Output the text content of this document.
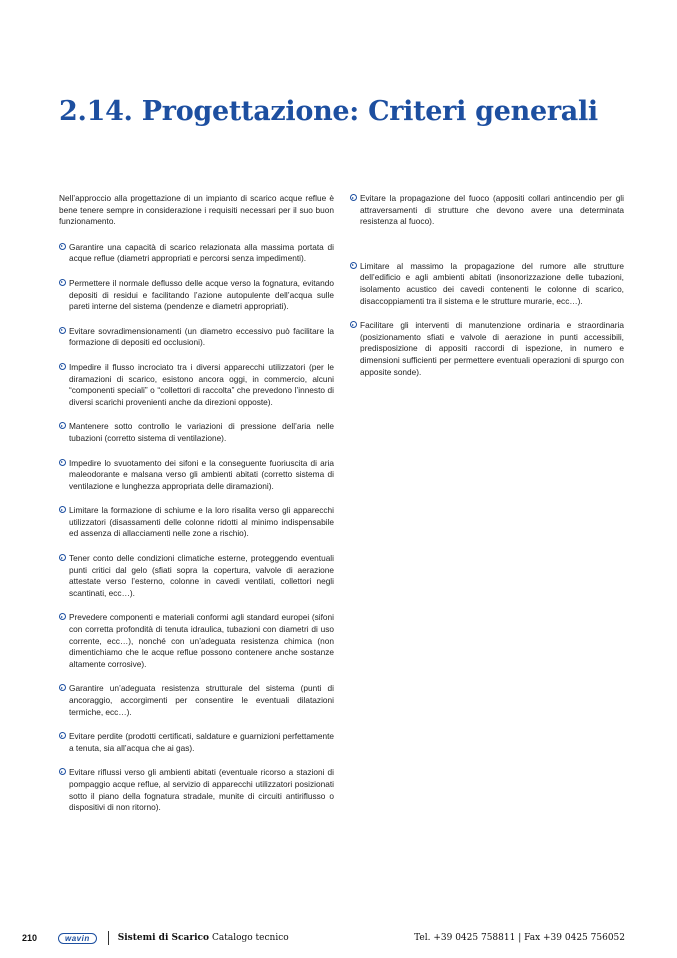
2.14. Progettazione: Criteri generali

Nell’approccio alla progettazione di un impianto di scarico acque reflue è bene tenere sempre in considerazione i requisiti necessari per il suo buon funzionamento.

Garantire una capacità di scarico relazionata alla massima portata di acque reflue (diametri appropriati e percorsi senza impedimenti).

Permettere il normale deflusso delle acque verso la fognatura, evitando depositi di residui e facilitando l’azione autopulente dell’acqua sulle pareti interne del sistema (pendenze e diametri appropriati).

Evitare sovradimensionamenti (un diametro eccessivo può facilitare la formazione di depositi ed occlusioni).

Impedire il flusso incrociato tra i diversi apparecchi utilizzatori (per le diramazioni di scarico, esistono ancora oggi, in commercio, alcuni “componenti speciali” o “collettori di raccolta” che prevedono l’innesto di diversi scarichi provenienti anche da direzioni opposte).

Mantenere sotto controllo le variazioni di pressione dell’aria nelle tubazioni (corretto sistema di ventilazione).

Impedire lo svuotamento dei sifoni e la conseguente fuoriuscita di aria maleodorante e malsana verso gli ambienti abitati (corretto sistema di ventilazione e lunghezza appropriata delle diramazioni).

Limitare la formazione di schiume e la loro risalita verso gli apparecchi utilizzatori (disassamenti delle colonne ridotti al minimo indispensabile ed assenza di allacciamenti nelle zone a rischio).

Tener conto delle condizioni climatiche esterne, proteggendo eventuali punti critici dal gelo (sfiati sopra la copertura, valvole di aerazione attestate verso l’esterno, colonne in cavedi ventilati, collettori negli scantinati, ecc…).

Prevedere componenti e materiali conformi agli standard europei (sifoni con corretta profondità di tenuta idraulica, tubazioni con diametri di uso corrente, ecc…), nonché con un’adeguata resistenza chimica (non dimentichiamo che le acque reflue possono contenere anche sostanze altamente corrosive).

Garantire un’adeguata resistenza strutturale del sistema (punti di ancoraggio, accorgimenti per consentire le eventuali dilatazioni termiche, ecc…).

Evitare perdite (prodotti certificati, saldature e guarnizioni perfettamente a tenuta, sia all’acqua che ai gas).

Evitare riflussi verso gli ambienti abitati (eventuale ricorso a stazioni di pompaggio acque reflue, al servizio di apparecchi utilizzatori posizionati sotto il piano della fognatura stradale, munite di circuiti antiriflusso o dispositivi di non ritorno).

Evitare la propagazione del fuoco (appositi collari antincendio per gli attraversamenti di strutture che devono avere una determinata resistenza al fuoco).

Limitare al massimo la propagazione del rumore alle strutture dell’edificio e agli ambienti abitati (insonorizzazione delle tubazioni, isolamento acustico dei cavedi contenenti le colonne di scarico, disaccoppiamenti tra il sistema e le strutture murarie, ecc…).

Facilitare gli interventi di manutenzione ordinaria e straordinaria (posizionamento sfiati e valvole di aerazione in punti accessibili, predisposizione di appositi raccordi di ispezione, in numero e dimensioni sufficienti per permettere eventuali operazioni di spurgo con apposite sonde).

210	wavin	Sistemi di Scarico Catalogo tecnico	Tel. +39 0425 758811 | Fax +39 0425 756052
